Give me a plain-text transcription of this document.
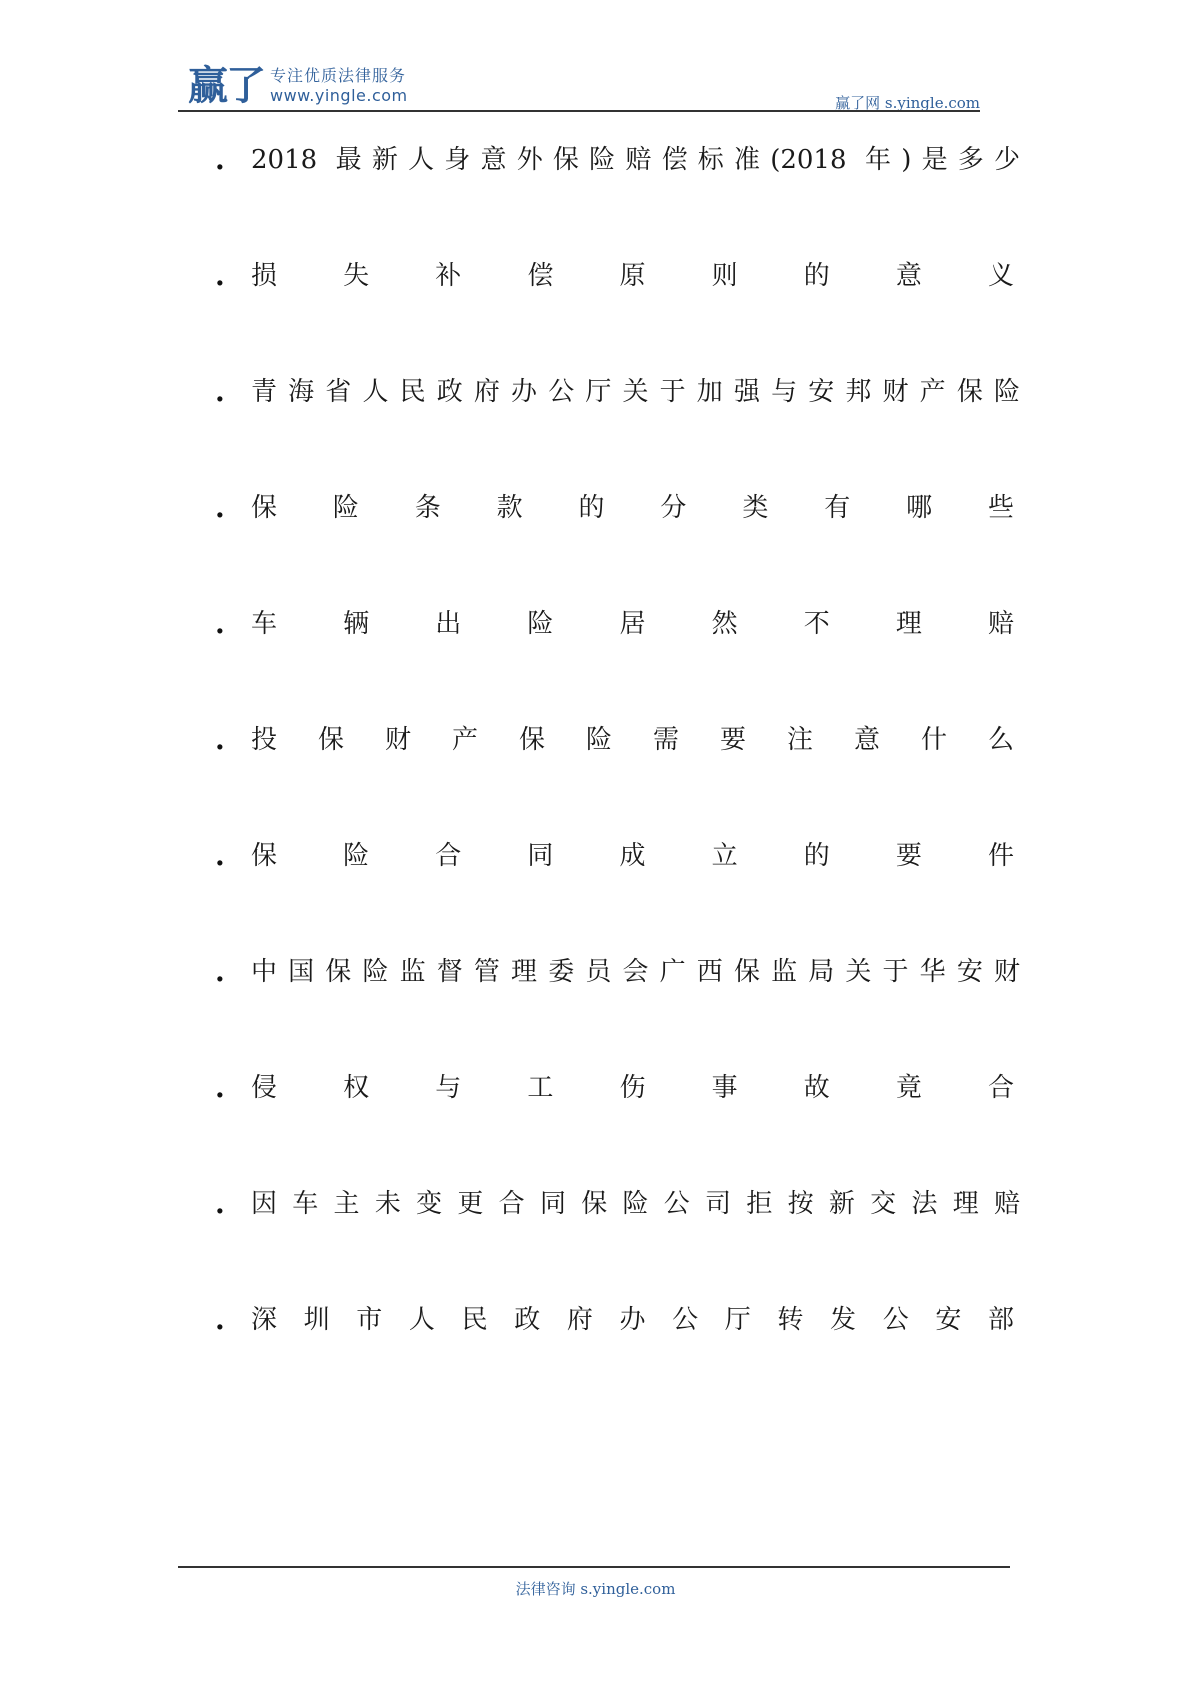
赢了 专注优质法律服务
www.yingle.com	赢了网 s.yingle.com
.	2018 最新人身意外保险赔偿标准(2018 年)是多少
.	损失补偿原则的意义
.	青海省人民政府办公厅关于加强与安邦财产保险
.	保险条款的分类有哪些
.	车辆出险居然不理赔
.	投保财产保险需要注意什么
.	保险合同成立的要件
.	中国保险监督管理委员会广西保监局关于华安财
.	侵权与工伤事故竟合
.	因车主未变更合同保险公司拒按新交法理赔
.	深圳市人民政府办公厅转发公安部
法律咨询 s.yingle.com
